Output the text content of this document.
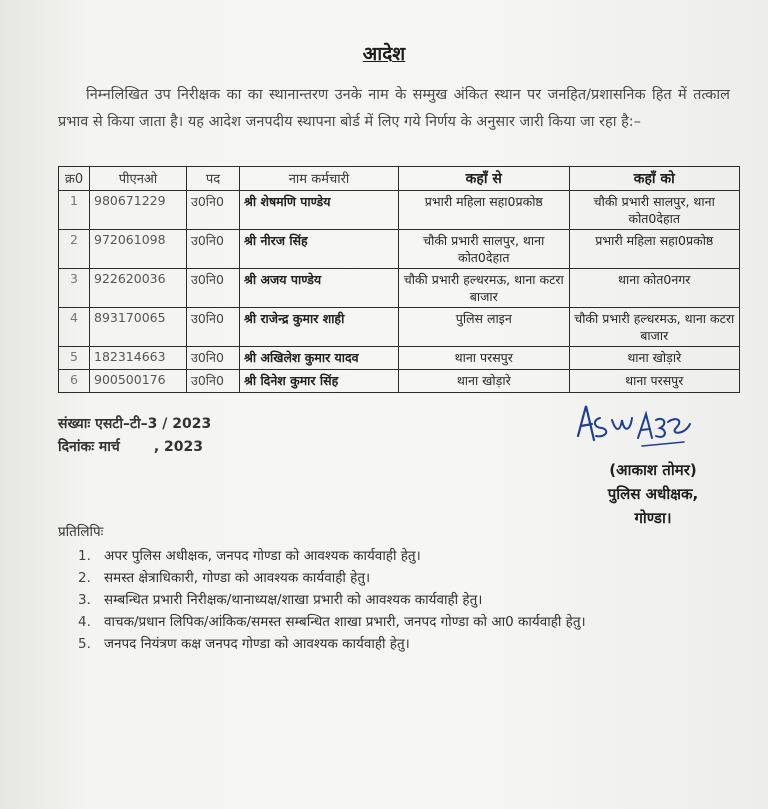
आदेश
निम्नलिखित उप निरीक्षक का का स्थानान्तरण उनके नाम के सम्मुख अंकित स्थान पर जनहित/प्रशासनिक हित में तत्काल प्रभाव से किया जाता है। यह आदेश जनपदीय स्थापना बोर्ड में लिए गये निर्णय के अनुसार जारी किया जा रहा है:–
क्र0	पीएनओ	पद	नाम कर्मचारी	कहाँ से	कहाँ को
1	980671229	उ0नि0	श्री शेषमणि पाण्डेय	प्रभारी महिला सहा0प्रकोष्ठ	चौकी प्रभारी सालपुर, थाना कोत0देहात
2	972061098	उ0नि0	श्री नीरज सिंह	चौकी प्रभारी सालपुर, थाना कोत0देहात	प्रभारी महिला सहा0प्रकोष्ठ
3	922620036	उ0नि0	श्री अजय पाण्डेय	चौकी प्रभारी हल्धरमऊ, थाना कटरा बाजार	थाना कोत0नगर
4	893170065	उ0नि0	श्री राजेन्द्र कुमार शाही	पुलिस लाइन	चौकी प्रभारी हल्धरमऊ, थाना कटरा बाजार
5	182314663	उ0नि0	श्री अखिलेश कुमार यादव	थाना परसपुर	थाना खोड़ारे
6	900500176	उ0नि0	श्री दिनेश कुमार सिंह	थाना खोड़ारे	थाना परसपुर
संख्याः एसटी–टी–3 / 2023
दिनांकः मार्च , 2023
(आकाश तोमर)
पुलिस अधीक्षक,
गोण्डा।
प्रतिलिपिः
1. अपर पुलिस अधीक्षक, जनपद गोण्डा को आवश्यक कार्यवाही हेतु।
2. समस्त क्षेत्राधिकारी, गोण्डा को आवश्यक कार्यवाही हेतु।
3. सम्बन्धित प्रभारी निरीक्षक/थानाध्यक्ष/शाखा प्रभारी को आवश्यक कार्यवाही हेतु।
4. वाचक/प्रधान लिपिक/आंकिक/समस्त सम्बन्धित शाखा प्रभारी, जनपद गोण्डा को आ0 कार्यवाही हेतु।
5. जनपद नियंत्रण कक्ष जनपद गोण्डा को आवश्यक कार्यवाही हेतु।
